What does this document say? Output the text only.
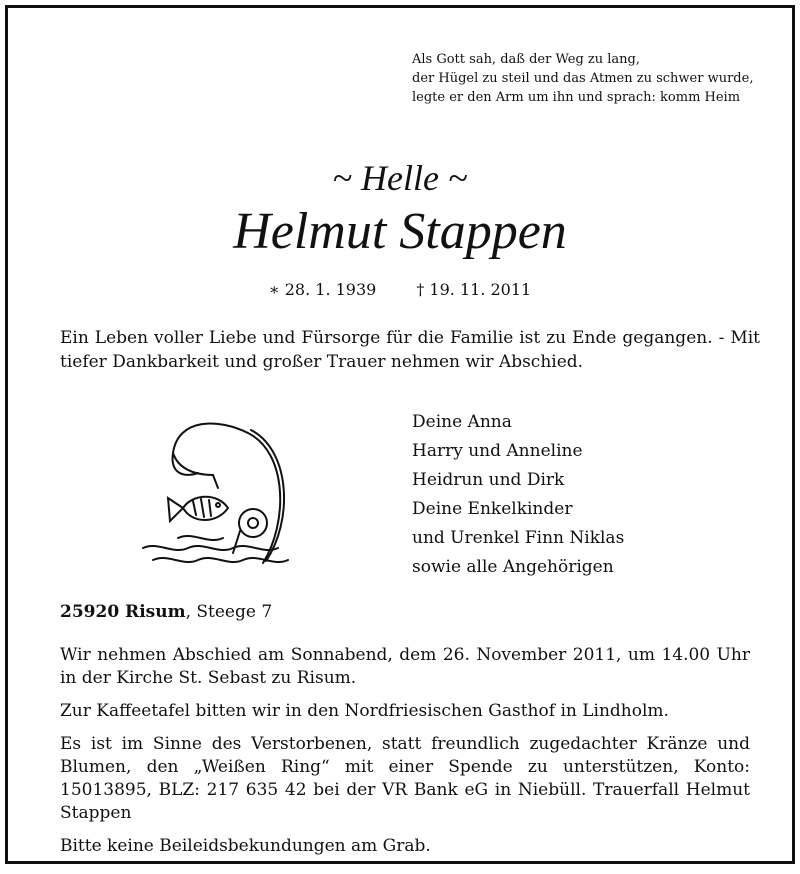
Als Gott sah, daß der Weg zu lang,
der Hügel zu steil und das Atmen zu schwer wurde,
legte er den Arm um ihn und sprach: komm Heim
~ Helle ~
Helmut Stappen
∗ 28. 1. 1939	† 19. 11. 2011
Ein Leben voller Liebe und Fürsorge für die Familie ist zu Ende gegangen. - Mit tiefer Dankbarkeit und großer Trauer nehmen wir Abschied.
Deine Anna
Harry und Anneline
Heidrun und Dirk
Deine Enkelkinder
und Urenkel Finn Niklas
sowie alle Angehörigen
25920 Risum, Steege 7

Wir nehmen Abschied am Sonnabend, dem 26. November 2011, um 14.00 Uhr in der Kirche St. Sebast zu Risum.

Zur Kaffeetafel bitten wir in den Nordfriesischen Gasthof in Lindholm.

Es ist im Sinne des Verstorbenen, statt freundlich zugedachter Kränze und Blumen, den „Weißen Ring“ mit einer Spende zu unterstützen, Konto: 15013895, BLZ: 217 635 42 bei der VR Bank eG in Niebüll. Trauerfall Helmut Stappen

Bitte keine Beileidsbekundungen am Grab.
